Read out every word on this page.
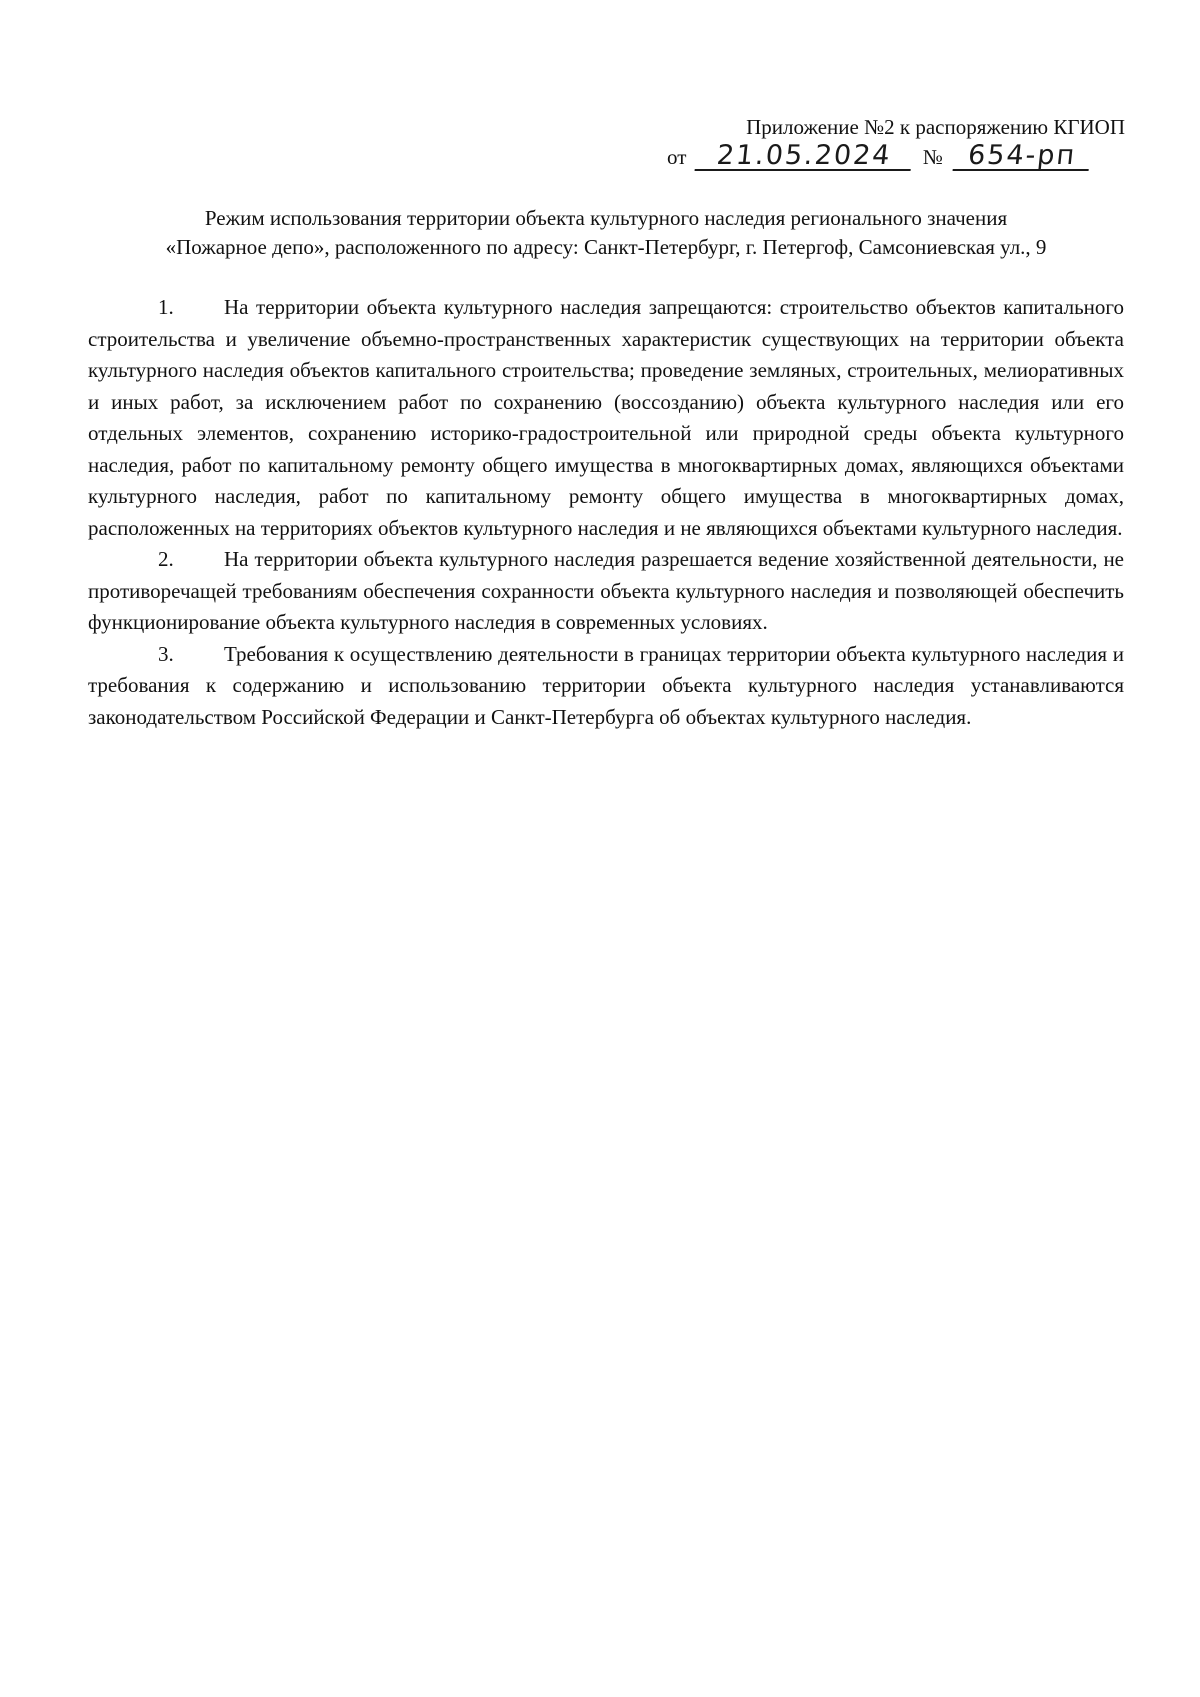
Приложение №2 к распоряжению КГИОП
от 21.05.2024 № 654-рп
Режим использования территории объекта культурного наследия регионального значения
«Пожарное депо», расположенного по адресу: Санкт-Петербург, г. Петергоф, Самсониевская ул., 9

1. На территории объекта культурного наследия запрещаются: строительство объектов капитального строительства и увеличение объемно-пространственных характеристик существующих на территории объекта культурного наследия объектов капитального строительства; проведение земляных, строительных, мелиоративных и иных работ, за исключением работ по сохранению (воссозданию) объекта культурного наследия или его отдельных элементов, сохранению историко-градостроительной или природной среды объекта культурного наследия, работ по капитальному ремонту общего имущества в многоквартирных домах, являющихся объектами культурного наследия, работ по капитальному ремонту общего имущества в многоквартирных домах, расположенных на территориях объектов культурного наследия и не являющихся объектами культурного наследия.

2. На территории объекта культурного наследия разрешается ведение хозяйственной деятельности, не противоречащей требованиям обеспечения сохранности объекта культурного наследия и позволяющей обеспечить функционирование объекта культурного наследия в современных условиях.

3. Требования к осуществлению деятельности в границах территории объекта культурного наследия и требования к содержанию и использованию территории объекта культурного наследия устанавливаются законодательством Российской Федерации и Санкт-Петербурга об объектах культурного наследия.
